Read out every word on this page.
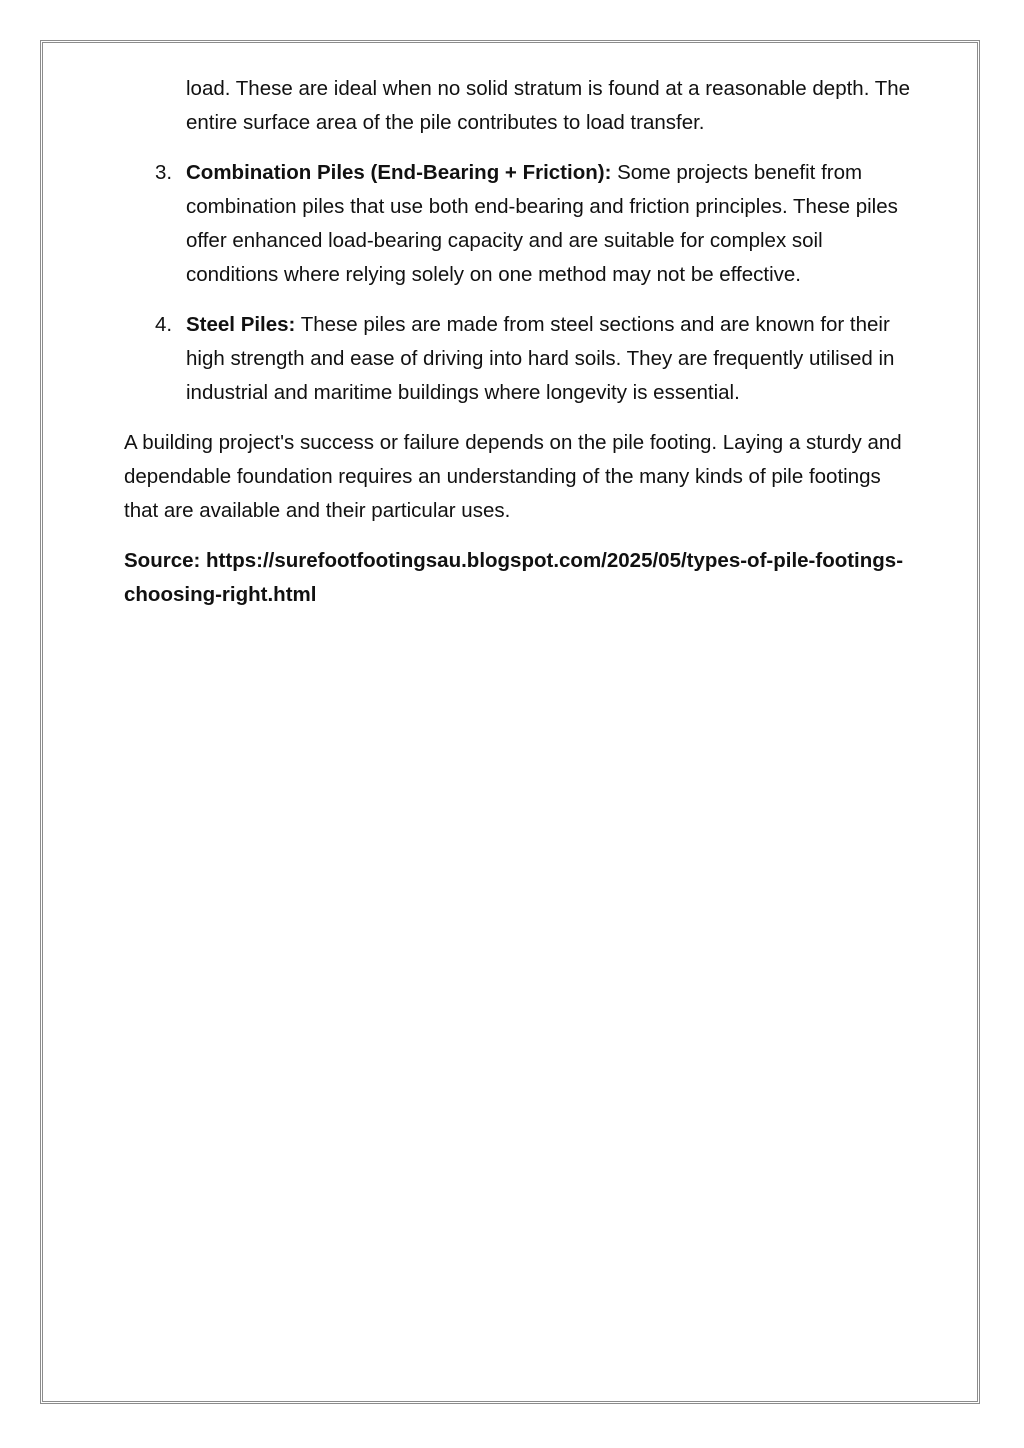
load. These are ideal when no solid stratum is found at a reasonable depth. The entire surface area of the pile contributes to load transfer.

3. Combination Piles (End-Bearing + Friction): Some projects benefit from combination piles that use both end-bearing and friction principles. These piles offer enhanced load-bearing capacity and are suitable for complex soil conditions where relying solely on one method may not be effective.
4. Steel Piles: These piles are made from steel sections and are known for their high strength and ease of driving into hard soils. They are frequently utilised in industrial and maritime buildings where longevity is essential.

A building project's success or failure depends on the pile footing. Laying a sturdy and dependable foundation requires an understanding of the many kinds of pile footings that are available and their particular uses.

Source: https://surefootfootingsau.blogspot.com/2025/05/types-of-pile-footings-choosing-right.html
